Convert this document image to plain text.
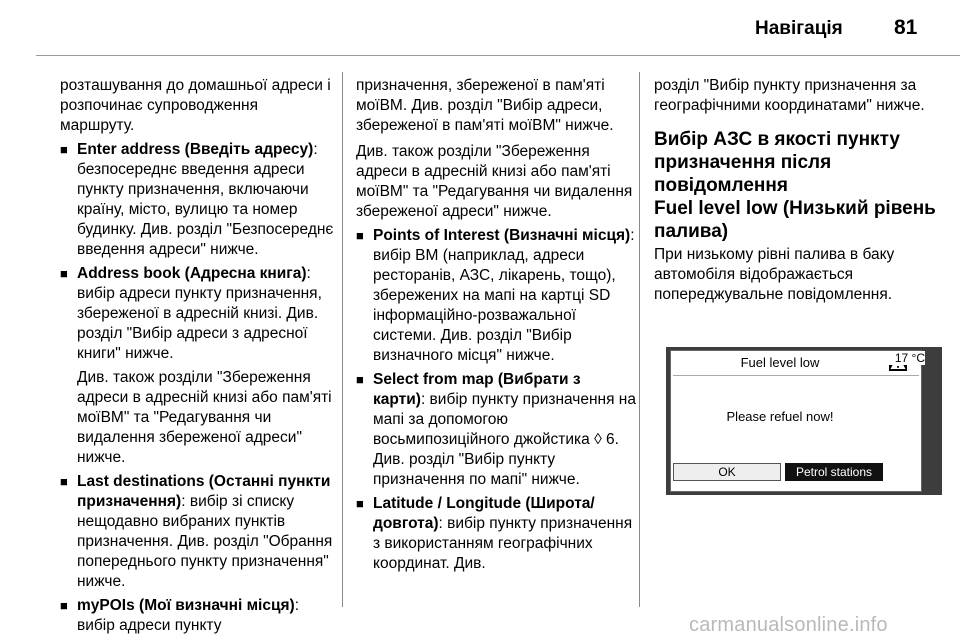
Навігація 81
розташування до домашньої адреси і розпочинає супроводження маршруту.
■ Enter address (Введіть адресу): безпосереднє введення адреси пункту призначення, включаючи країну, місто, вулицю та номер будинку. Див. розділ "Безпосереднє введення адреси" нижче.
■ Address book (Адресна книга): вибір адреси пункту призначення, збереженої в адресній книзі. Див. розділ "Вибір адреси з адресної книги" нижче.
Див. також розділи "Збереження адреси в адресній книзі або пам'яті моїВМ" та "Редагування чи видалення збереженої адреси" нижче.
■ Last destinations (Останні пункти призначення): вибір зі списку нещодавно вибраних пунктів призначення. Див. розділ "Обрання попереднього пункту призначення" нижче.
■ myPOIs (Мої визначні місця): вибір адреси пункту
призначення, збереженої в пам'яті моїВМ. Див. розділ "Вибір адреси, збереженої в пам'яті моїВМ" нижче.
Див. також розділи "Збереження адреси в адресній книзі або пам'яті моїВМ" та "Редагування чи видалення збереженої адреси" нижче.
■ Points of Interest (Визначні місця): вибір ВМ (наприклад, адреси ресторанів, АЗС, лікарень, тощо), збережених на мапі на картці SD інформаційно-розважальної системи. Див. розділ "Вибір визначного місця" нижче.
■ Select from map (Вибрати з карти): вибір пункту призначення на мапі за допомогою восьмипозиційного джойстика ◊ 6. Див. розділ "Вибір пункту призначення по мапі" нижче.
■ Latitude / Longitude (Широта/довгота): вибір пункту призначення з використанням географічних координат. Див.
розділ "Вибір пункту призначення за географічними координатами" нижче.
Вибір АЗС в якості пункту призначення після повідомлення
Fuel level low (Низький рівень палива)
При низькому рівні палива в баку автомобіля відображається попереджувальне повідомлення.
Fuel level low
Please refuel now!
OK	Petrol stations
17 °C
carmanualsonline.info
